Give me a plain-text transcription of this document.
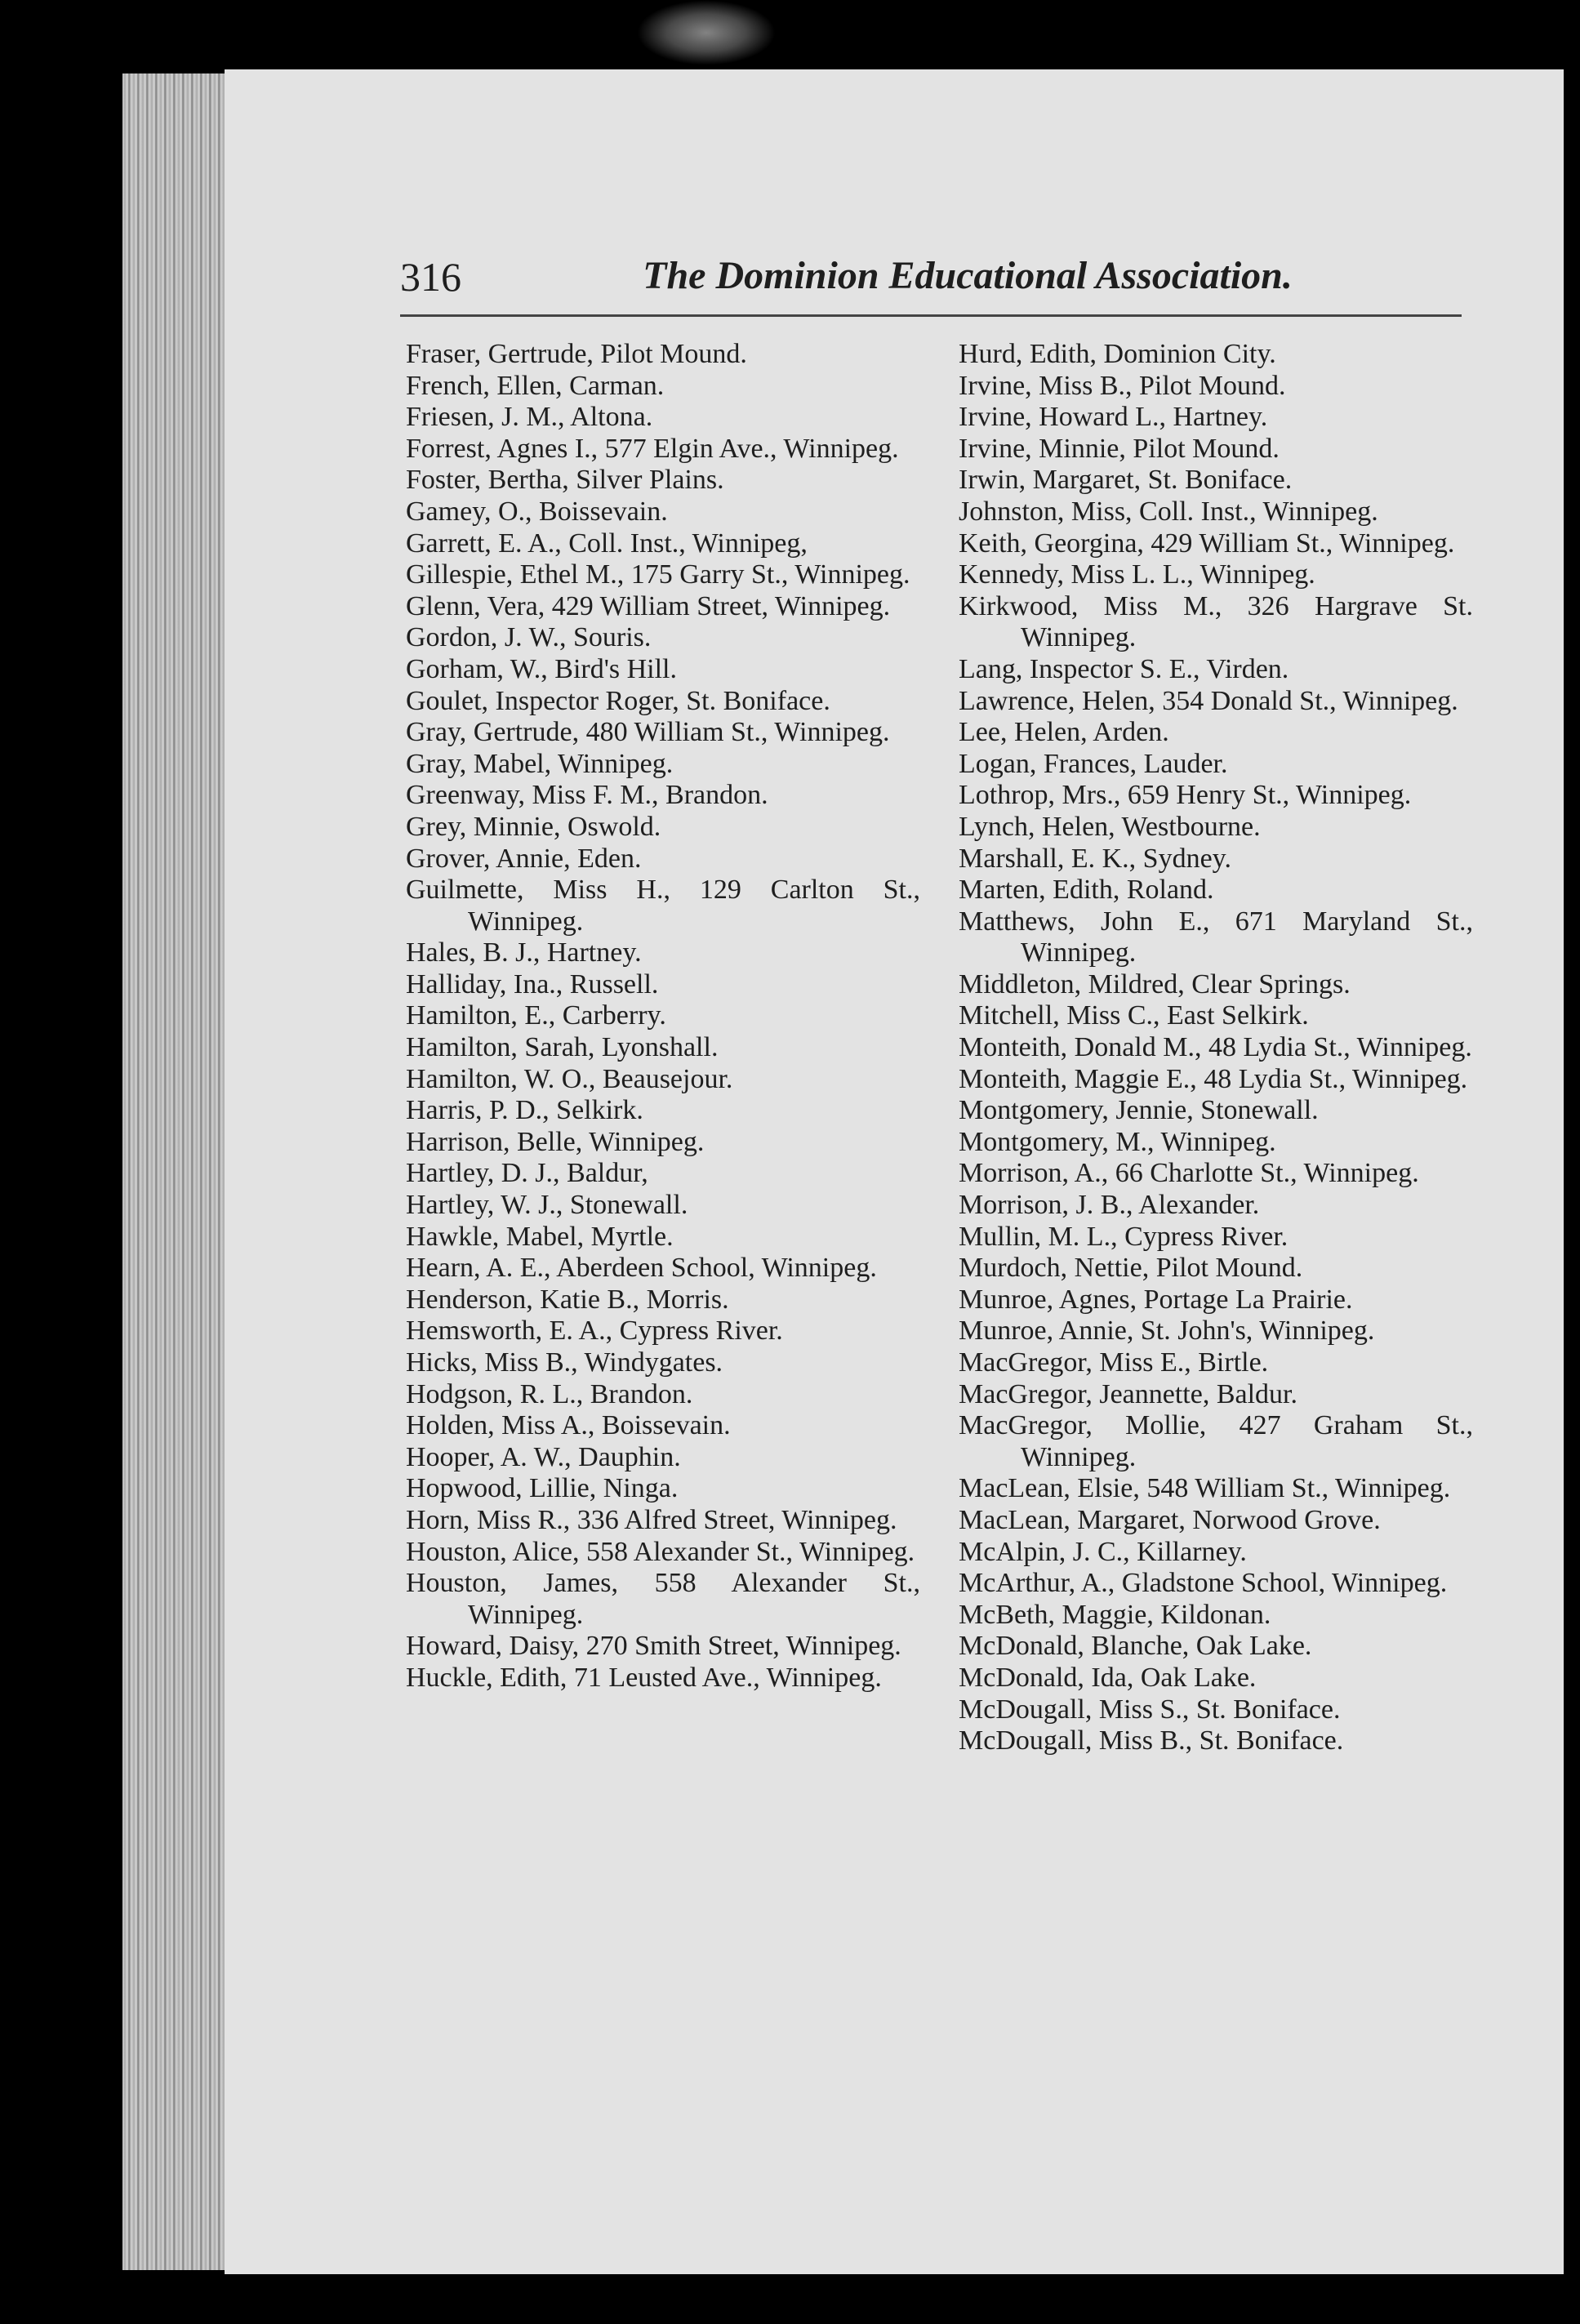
316	The Dominion Educational Association.

Fraser, Gertrude, Pilot Mound.

French, Ellen, Carman.

Friesen, J. M., Altona.

Forrest, Agnes I., 577 Elgin Ave., Winnipeg.

Foster, Bertha, Silver Plains.

Gamey, O., Boissevain.

Garrett, E. A., Coll. Inst., Winnipeg,

Gillespie, Ethel M., 175 Garry St., Winnipeg.

Glenn, Vera, 429 William Street, Winnipeg.

Gordon, J. W., Souris.

Gorham, W., Bird's Hill.

Goulet, Inspector Roger, St. Boniface.

Gray, Gertrude, 480 William St., Winnipeg.

Gray, Mabel, Winnipeg.

Greenway, Miss F. M., Brandon.

Grey, Minnie, Oswold.

Grover, Annie, Eden.

Guilmette, Miss H., 129 Carlton St., Winnipeg.

Hales, B. J., Hartney.

Halliday, Ina., Russell.

Hamilton, E., Carberry.

Hamilton, Sarah, Lyonshall.

Hamilton, W. O., Beausejour.

Harris, P. D., Selkirk.

Harrison, Belle, Winnipeg.

Hartley, D. J., Baldur,

Hartley, W. J., Stonewall.

Hawkle, Mabel, Myrtle.

Hearn, A. E., Aberdeen School, Winnipeg.

Henderson, Katie B., Morris.

Hemsworth, E. A., Cypress River.

Hicks, Miss B., Windygates.

Hodgson, R. L., Brandon.

Holden, Miss A., Boissevain.

Hooper, A. W., Dauphin.

Hopwood, Lillie, Ninga.

Horn, Miss R., 336 Alfred Street, Winnipeg.

Houston, Alice, 558 Alexander St., Winnipeg.

Houston, James, 558 Alexander St., Winnipeg.

Howard, Daisy, 270 Smith Street, Winnipeg.

Huckle, Edith, 71 Leusted Ave., Winnipeg.

Hurd, Edith, Dominion City.

Irvine, Miss B., Pilot Mound.

Irvine, Howard L., Hartney.

Irvine, Minnie, Pilot Mound.

Irwin, Margaret, St. Boniface.

Johnston, Miss, Coll. Inst., Winnipeg.

Keith, Georgina, 429 William St., Winnipeg.

Kennedy, Miss L. L., Winnipeg.

Kirkwood, Miss M., 326 Hargrave St. Winnipeg.

Lang, Inspector S. E., Virden.

Lawrence, Helen, 354 Donald St., Winnipeg.

Lee, Helen, Arden.

Logan, Frances, Lauder.

Lothrop, Mrs., 659 Henry St., Winnipeg.

Lynch, Helen, Westbourne.

Marshall, E. K., Sydney.

Marten, Edith, Roland.

Matthews, John E., 671 Maryland St., Winnipeg.

Middleton, Mildred, Clear Springs.

Mitchell, Miss C., East Selkirk.

Monteith, Donald M., 48 Lydia St., Winnipeg.

Monteith, Maggie E., 48 Lydia St., Winnipeg.

Montgomery, Jennie, Stonewall.

Montgomery, M., Winnipeg.

Morrison, A., 66 Charlotte St., Winnipeg.

Morrison, J. B., Alexander.

Mullin, M. L., Cypress River.

Murdoch, Nettie, Pilot Mound.

Munroe, Agnes, Portage La Prairie.

Munroe, Annie, St. John's, Winnipeg.

MacGregor, Miss E., Birtle.

MacGregor, Jeannette, Baldur.

MacGregor, Mollie, 427 Graham St., Winnipeg.

MacLean, Elsie, 548 William St., Winnipeg.

MacLean, Margaret, Norwood Grove.

McAlpin, J. C., Killarney.

McArthur, A., Gladstone School, Winnipeg.

McBeth, Maggie, Kildonan.

McDonald, Blanche, Oak Lake.

McDonald, Ida, Oak Lake.

McDougall, Miss S., St. Boniface.

McDougall, Miss B., St. Boniface.
